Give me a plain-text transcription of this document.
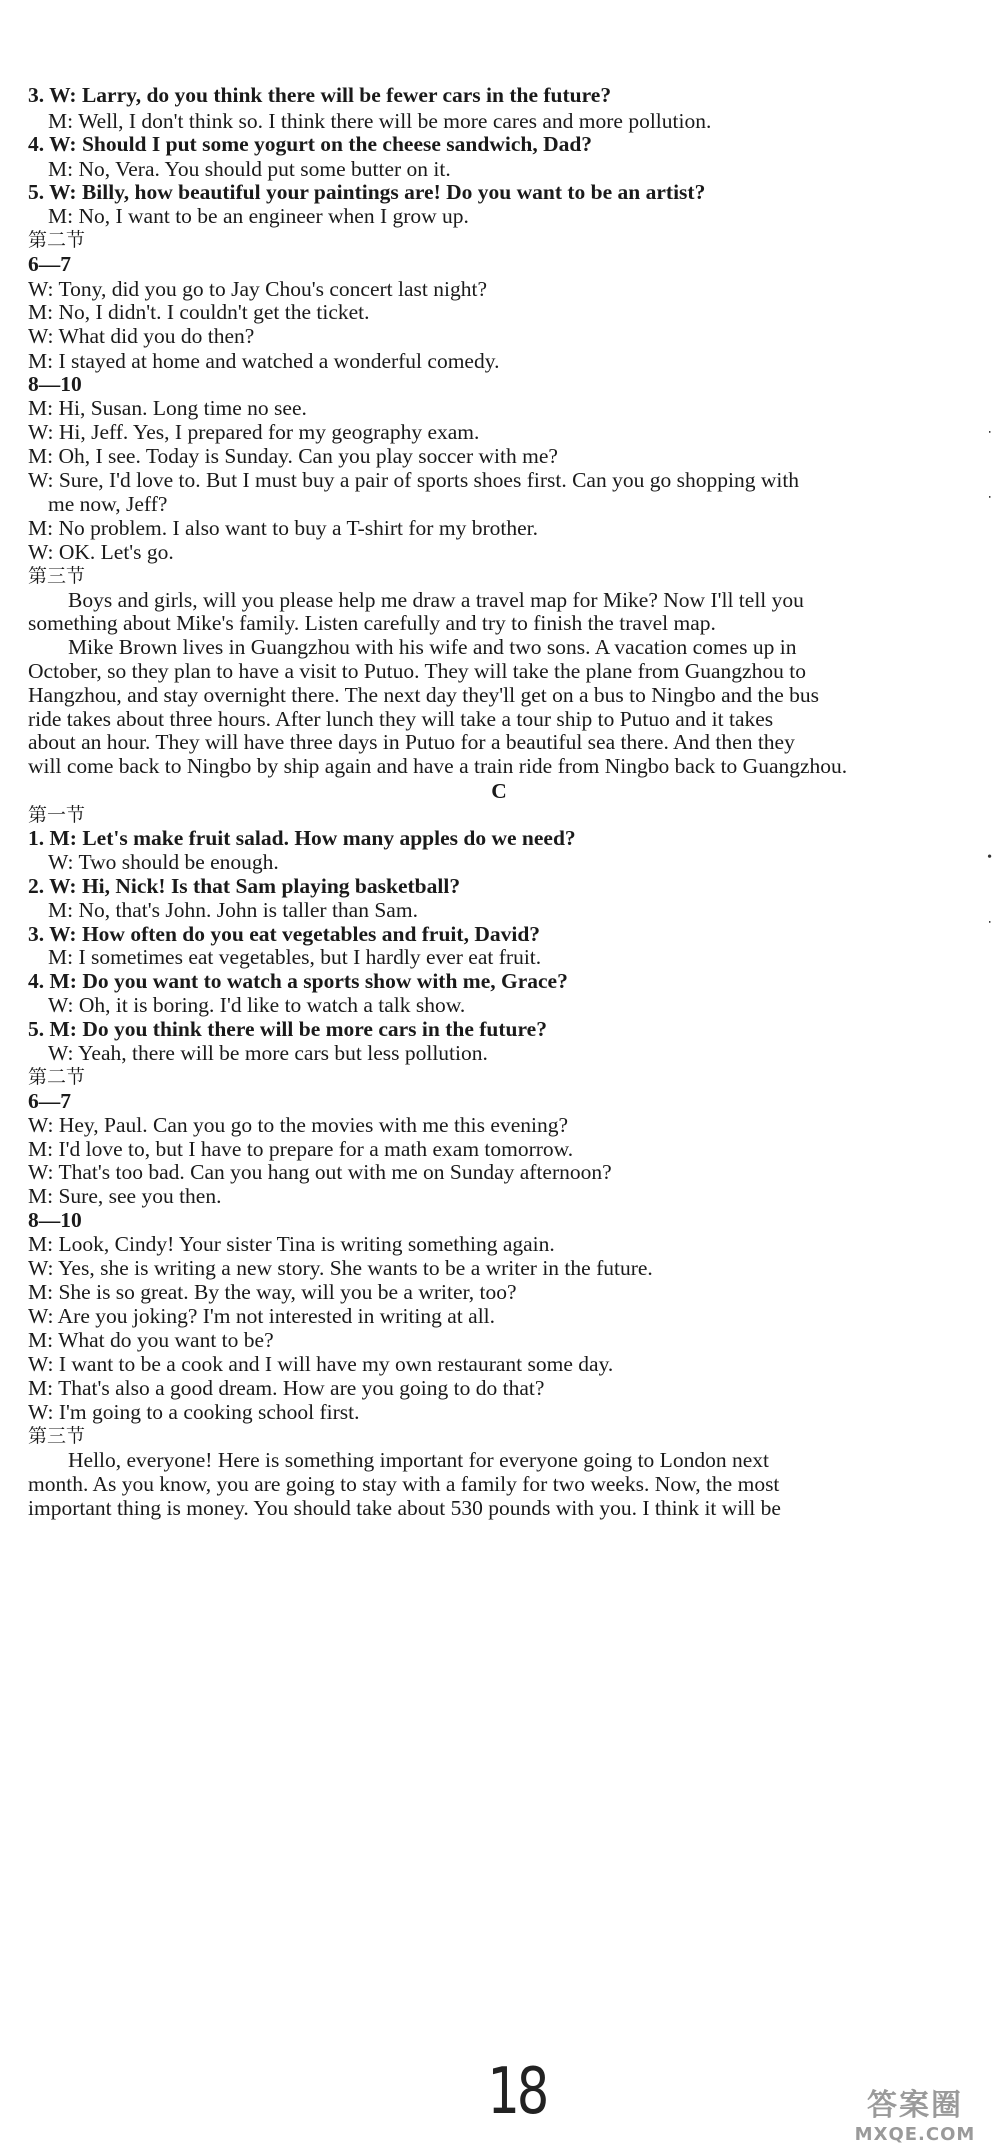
3. W: Larry, do you think there will be fewer cars in the future?
M: Well, I don't think so. I think there will be more cares and more pollution.
4. W: Should I put some yogurt on the cheese sandwich, Dad?
M: No, Vera. You should put some butter on it.
5. W: Billy, how beautiful your paintings are! Do you want to be an artist?
M: No, I want to be an engineer when I grow up.
第二节
6—7
W: Tony, did you go to Jay Chou's concert last night?
M: No, I didn't. I couldn't get the ticket.
W: What did you do then?
M: I stayed at home and watched a wonderful comedy.
8—10
M: Hi, Susan. Long time no see.
W: Hi, Jeff. Yes, I prepared for my geography exam.
M: Oh, I see. Today is Sunday. Can you play soccer with me?
W: Sure, I'd love to. But I must buy a pair of sports shoes first. Can you go shopping with
me now, Jeff?
M: No problem. I also want to buy a T-shirt for my brother.
W: OK. Let's go.
第三节
Boys and girls, will you please help me draw a travel map for Mike? Now I'll tell you
something about Mike's family. Listen carefully and try to finish the travel map.
Mike Brown lives in Guangzhou with his wife and two sons. A vacation comes up in
October, so they plan to have a visit to Putuo. They will take the plane from Guangzhou to
Hangzhou, and stay overnight there. The next day they'll get on a bus to Ningbo and the bus
ride takes about three hours. After lunch they will take a tour ship to Putuo and it takes
about an hour. They will have three days in Putuo for a beautiful sea there. And then they
will come back to Ningbo by ship again and have a train ride from Ningbo back to Guangzhou.
C
第一节
1. M: Let's make fruit salad. How many apples do we need?
W: Two should be enough.
2. W: Hi, Nick! Is that Sam playing basketball?
M: No, that's John. John is taller than Sam.
3. W: How often do you eat vegetables and fruit, David?
M: I sometimes eat vegetables, but I hardly ever eat fruit.
4. M: Do you want to watch a sports show with me, Grace?
W: Oh, it is boring. I'd like to watch a talk show.
5. M: Do you think there will be more cars in the future?
W: Yeah, there will be more cars but less pollution.
第二节
6—7
W: Hey, Paul. Can you go to the movies with me this evening?
M: I'd love to, but I have to prepare for a math exam tomorrow.
W: That's too bad. Can you hang out with me on Sunday afternoon?
M: Sure, see you then.
8—10
M: Look, Cindy! Your sister Tina is writing something again.
W: Yes, she is writing a new story. She wants to be a writer in the future.
M: She is so great. By the way, will you be a writer, too?
W: Are you joking? I'm not interested in writing at all.
M: What do you want to be?
W: I want to be a cook and I will have my own restaurant some day.
M: That's also a good dream. How are you going to do that?
W: I'm going to a cooking school first.
第三节
Hello, everyone! Here is something important for everyone going to London next
month. As you know, you are going to stay with a family for two weeks. Now, the most
important thing is money. You should take about 530 pounds with you. I think it will be
‧
‧
•
‧
18	答案圈
MXQE.COM
